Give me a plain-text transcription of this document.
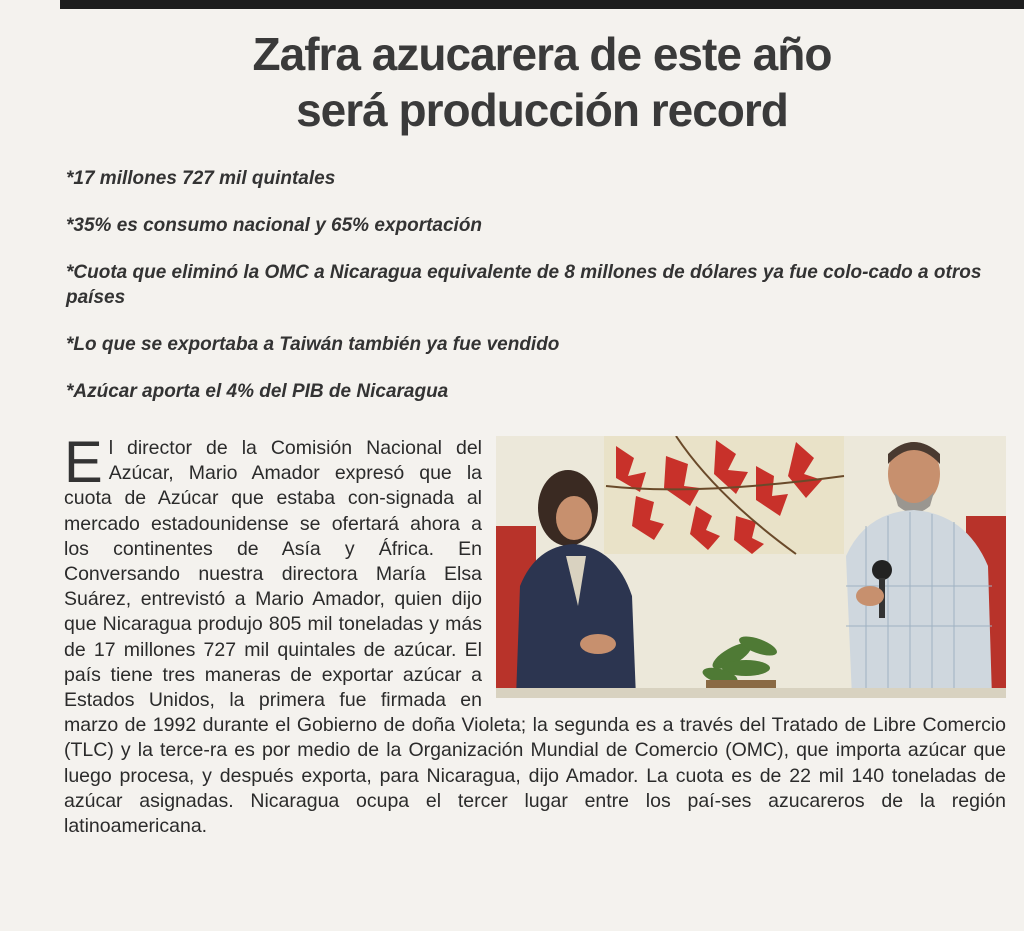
Zafra azucarera de este año
será producción record
*17 millones 727 mil quintales
*35% es consumo nacional y 65% exportación
*Cuota que eliminó la OMC a Nicaragua equivalente de 8 millones de dólares ya fue colo-cado a otros países
*Lo que se exportaba a Taiwán también ya fue vendido
*Azúcar aporta el 4% del PIB de Nicaragua
E l director de la Comisión Nacional del Azúcar, Mario Amador expresó que la cuota de Azúcar que estaba con-signada al mercado estadounidense se ofertará ahora a los continentes de Asía y África. En Conversando nuestra directora María Elsa Suárez, entrevistó a Mario Amador, quien dijo que Nicaragua produjo 805 mil toneladas y más de 17 millones 727 mil quintales de azúcar. El país tiene tres maneras de exportar azúcar a Estados Unidos, la primera fue firmada en marzo de 1992 durante el Gobierno de doña Violeta; la segunda es a través del Tratado de Libre Comercio (TLC) y la terce-ra es por medio de la Organización Mundial de Comercio (OMC), que importa azúcar que luego procesa, y después exporta, para Nicaragua, dijo Amador. La cuota es de 22 mil 140 toneladas de azúcar asignadas. Nicaragua ocupa el tercer lugar entre los paí-ses azucareros de la región latinoamericana.
